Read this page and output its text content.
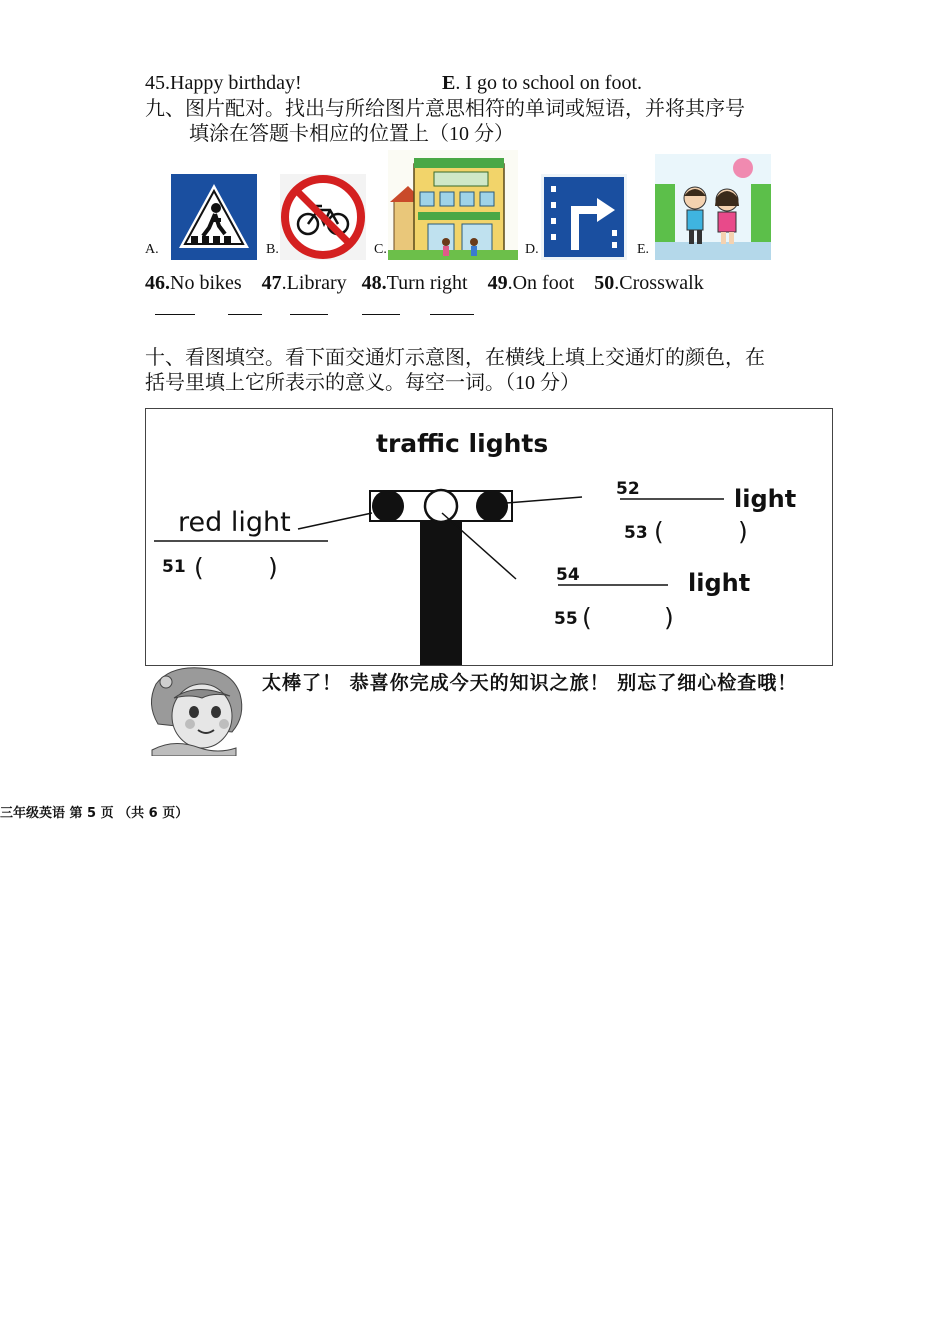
45.Happy birthday!	E. I go to school on foot.
九、图片配对。找出与所给图片意思相符的单词或短语，并将其序号
填涂在答题卡相应的位置上（10 分）
A.	B.	C.	D.	E.
46.No bikes 47.Library 48.Turn right 49.On foot 50.Crosswalk
十、看图填空。看下面交通灯示意图，在横线上填上交通灯的颜色，在
括号里填上它所表示的意义。每空一词。（10 分）
traffic lights
red light
51 (	)
52	light
53 (	)
54	light
55 (	)
太棒了！ 恭喜你完成今天的知识之旅！ 别忘了细心检查哦！
三年级英语 第 5 页 （共 6 页）
